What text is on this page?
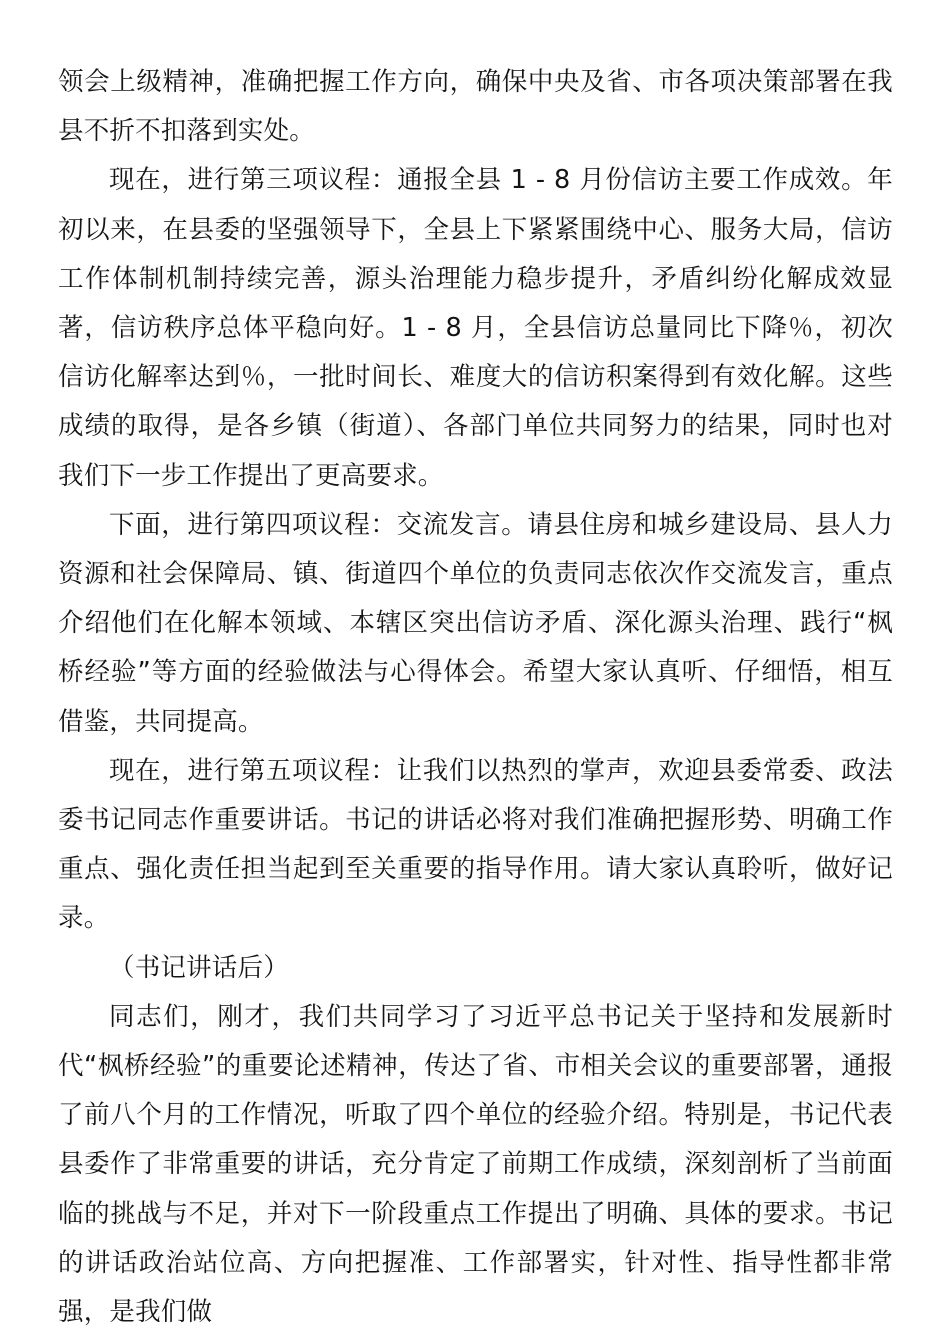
领会上级精神，准确把握工作方向，确保中央及省、市各项决策部署在我县不折不扣落到实处。

现在，进行第三项议程：通报全县 1 - 8 月份信访主要工作成效。年初以来，在县委的坚强领导下，全县上下紧紧围绕中心、服务大局，信访工作体制机制持续完善，源头治理能力稳步提升，矛盾纠纷化解成效显著，信访秩序总体平稳向好。1 - 8 月，全县信访总量同比下降％，初次信访化解率达到％，一批时间长、难度大的信访积案得到有效化解。这些成绩的取得，是各乡镇（街道）、各部门单位共同努力的结果，同时也对我们下一步工作提出了更高要求。

下面，进行第四项议程：交流发言。请县住房和城乡建设局、县人力资源和社会保障局、镇、街道四个单位的负责同志依次作交流发言，重点介绍他们在化解本领域、本辖区突出信访矛盾、深化源头治理、践行“枫桥经验”等方面的经验做法与心得体会。希望大家认真听、仔细悟，相互借鉴，共同提高。

现在，进行第五项议程：让我们以热烈的掌声，欢迎县委常委、政法委书记同志作重要讲话。书记的讲话必将对我们准确把握形势、明确工作重点、强化责任担当起到至关重要的指导作用。请大家认真聆听，做好记录。

（书记讲话后）

同志们，刚才，我们共同学习了习近平总书记关于坚持和发展新时代“枫桥经验”的重要论述精神，传达了省、市相关会议的重要部署，通报了前八个月的工作情况，听取了四个单位的经验介绍。特别是，书记代表县委作了非常重要的讲话，充分肯定了前期工作成绩，深刻剖析了当前面临的挑战与不足，并对下一阶段重点工作提出了明确、具体的要求。书记的讲话政治站位高、方向把握准、工作部署实，针对性、指导性都非常强，是我们做
